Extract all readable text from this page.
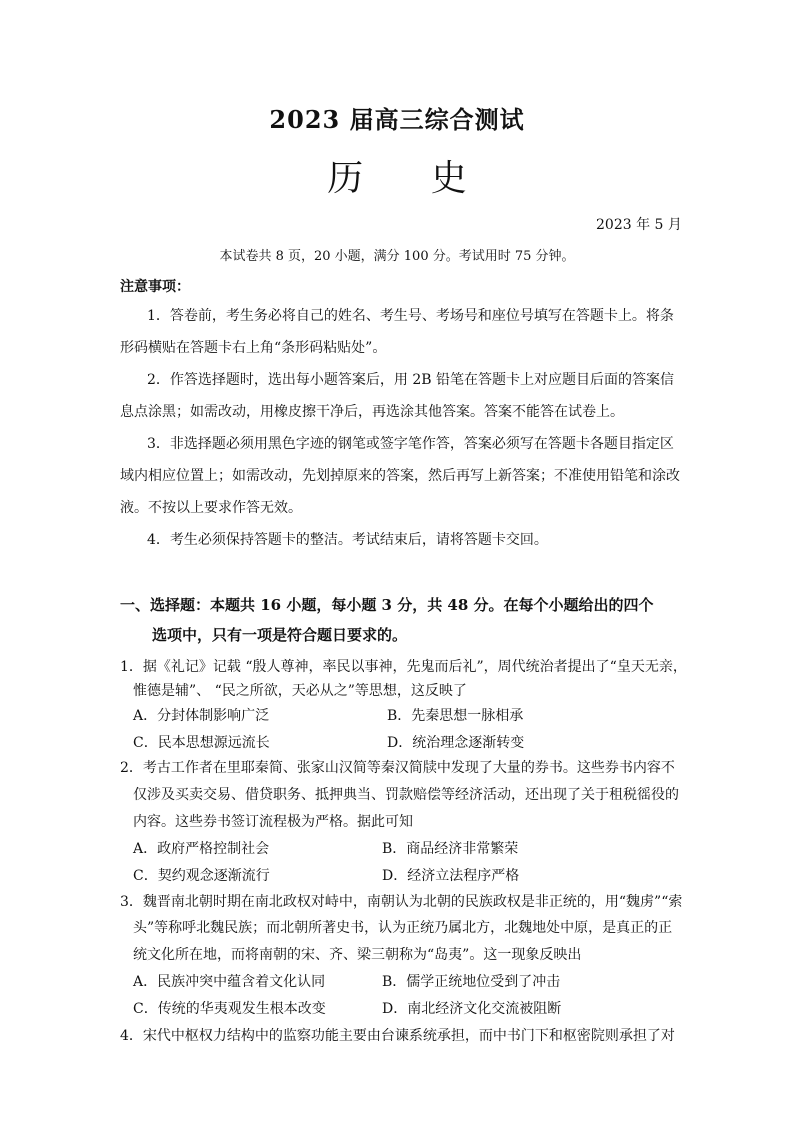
2023 届高三综合测试
历 史
2023 年 5 月
本试卷共 8 页，20 小题，满分 100 分。考试用时 75 分钟。
注意事项：
1．答卷前，考生务必将自己的姓名、考生号、考场号和座位号填写在答题卡上。将条
形码横贴在答题卡右上角“条形码粘贴处”。
2．作答选择题时，选出每小题答案后，用 2B 铅笔在答题卡上对应题目后面的答案信
息点涂黑；如需改动，用橡皮擦干净后，再选涂其他答案。答案不能答在试卷上。
3．非选择题必须用黑色字迹的钢笔或签字笔作答，答案必须写在答题卡各题目指定区
域内相应位置上；如需改动，先划掉原来的答案，然后再写上新答案；不准使用铅笔和涂改
液。不按以上要求作答无效。
4．考生必须保持答题卡的整洁。考试结束后，请将答题卡交回。
一、选择题：本题共 16 小题，每小题 3 分，共 48 分。在每个小题给出的四个
选项中，只有一项是符合题日要求的。
1．据《礼记》记载 “殷人尊神，率民以事神，先鬼而后礼”，周代统治者提出了“皇天无亲，
惟德是辅”、 “民之所欲，天必从之”等思想，这反映了
A．分封体制影响广泛	B．先秦思想一脉相承
C．民本思想源远流长	D．统治理念逐渐转变
2．考古工作者在里耶秦简、张家山汉简等秦汉简牍中发现了大量的券书。这些券书内容不
仅涉及买卖交易、借贷职务、抵押典当、罚款赔偿等经济活动，还出现了关于租税徭役的
内容。这些券书签订流程极为严格。据此可知
A．政府严格控制社会	B．商品经济非常繁荣
C．契约观念逐渐流行	D．经济立法程序严格
3．魏晋南北朝时期在南北政权对峙中，南朝认为北朝的民族政权是非正统的，用“魏虏”“索
头”等称呼北魏民族；而北朝所著史书，认为正统乃属北方，北魏地处中原，是真正的正
统文化所在地，而将南朝的宋、齐、梁三朝称为“岛夷”。这一现象反映出
A．民族冲突中蕴含着文化认同	B．儒学正统地位受到了冲击
C．传统的华夷观发生根本改变	D．南北经济文化交流被阻断
4．宋代中枢权力结构中的监察功能主要由台谏系统承担，而中书门下和枢密院则承担了对
